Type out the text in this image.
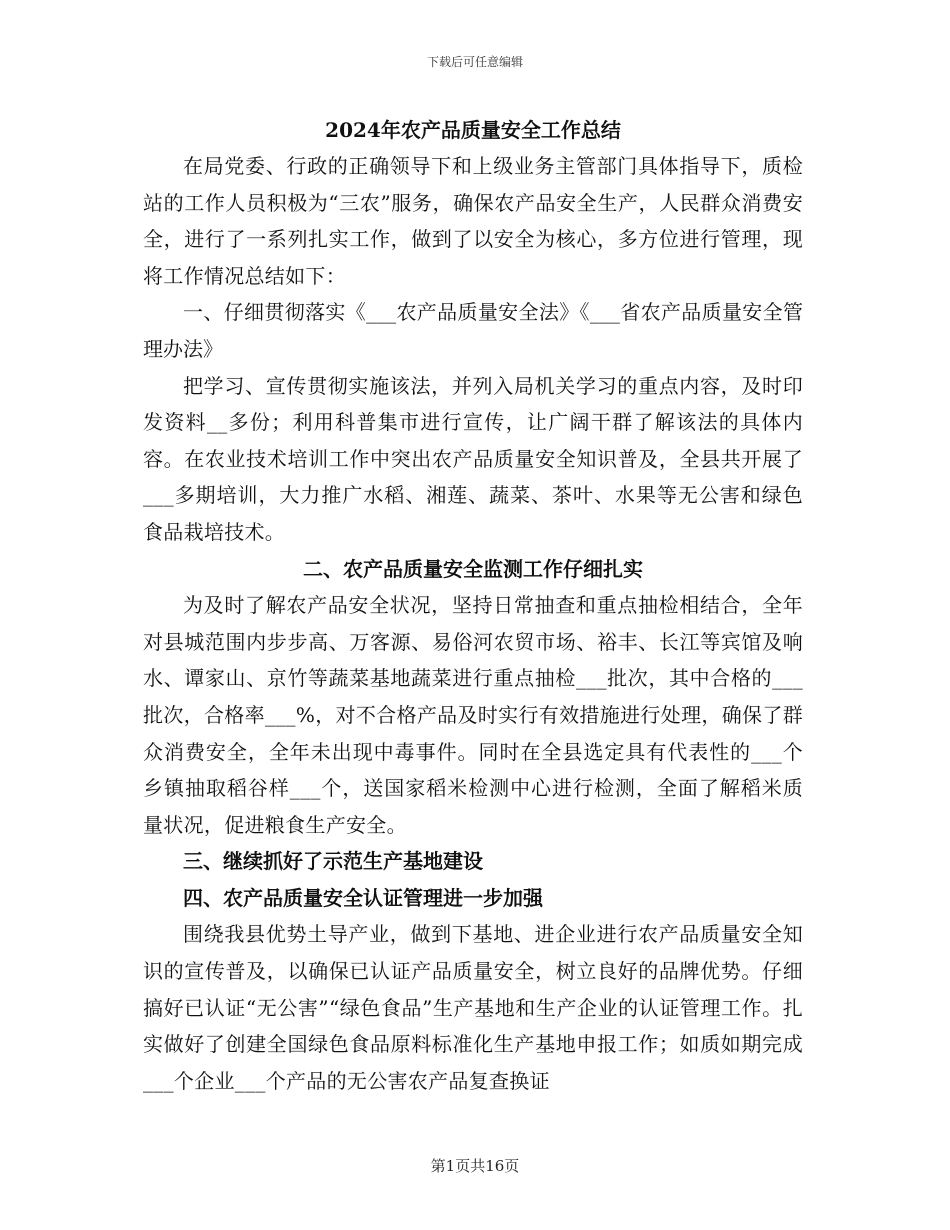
下载后可任意编辑
2024年农产品质量安全工作总结

在局党委、行政的正确领导下和上级业务主管部门具体指导下，质检站的工作人员积极为“三农”服务，确保农产品安全生产，人民群众消费安全，进行了一系列扎实工作，做到了以安全为核心，多方位进行管理，现将工作情况总结如下：

一、仔细贯彻落实《___农产品质量安全法》《___省农产品质量安全管理办法》

把学习、宣传贯彻实施该法，并列入局机关学习的重点内容，及时印发资料__多份；利用科普集市进行宣传，让广阔干群了解该法的具体内容。在农业技术培训工作中突出农产品质量安全知识普及，全县共开展了___多期培训，大力推广水稻、湘莲、蔬菜、茶叶、水果等无公害和绿色食品栽培技术。

二、农产品质量安全监测工作仔细扎实

为及时了解农产品安全状况，坚持日常抽查和重点抽检相结合，全年对县城范围内步步高、万客源、易俗河农贸市场、裕丰、长江等宾馆及响水、谭家山、京竹等蔬菜基地蔬菜进行重点抽检___批次，其中合格的___批次，合格率___%，对不合格产品及时实行有效措施进行处理，确保了群众消费安全，全年未出现中毒事件。同时在全县选定具有代表性的___个乡镇抽取稻谷样___个，送国家稻米检测中心进行检测，全面了解稻米质量状况，促进粮食生产安全。

三、继续抓好了示范生产基地建设

四、农产品质量安全认证管理进一步加强

围绕我县优势土导产业，做到下基地、进企业进行农产品质量安全知识的宣传普及，以确保已认证产品质量安全，树立良好的品牌优势。仔细搞好已认证“无公害”“绿色食品”生产基地和生产企业的认证管理工作。扎实做好了创建全国绿色食品原料标准化生产基地申报工作；如质如期完成___个企业___个产品的无公害农产品复查换证

第1页共16页
